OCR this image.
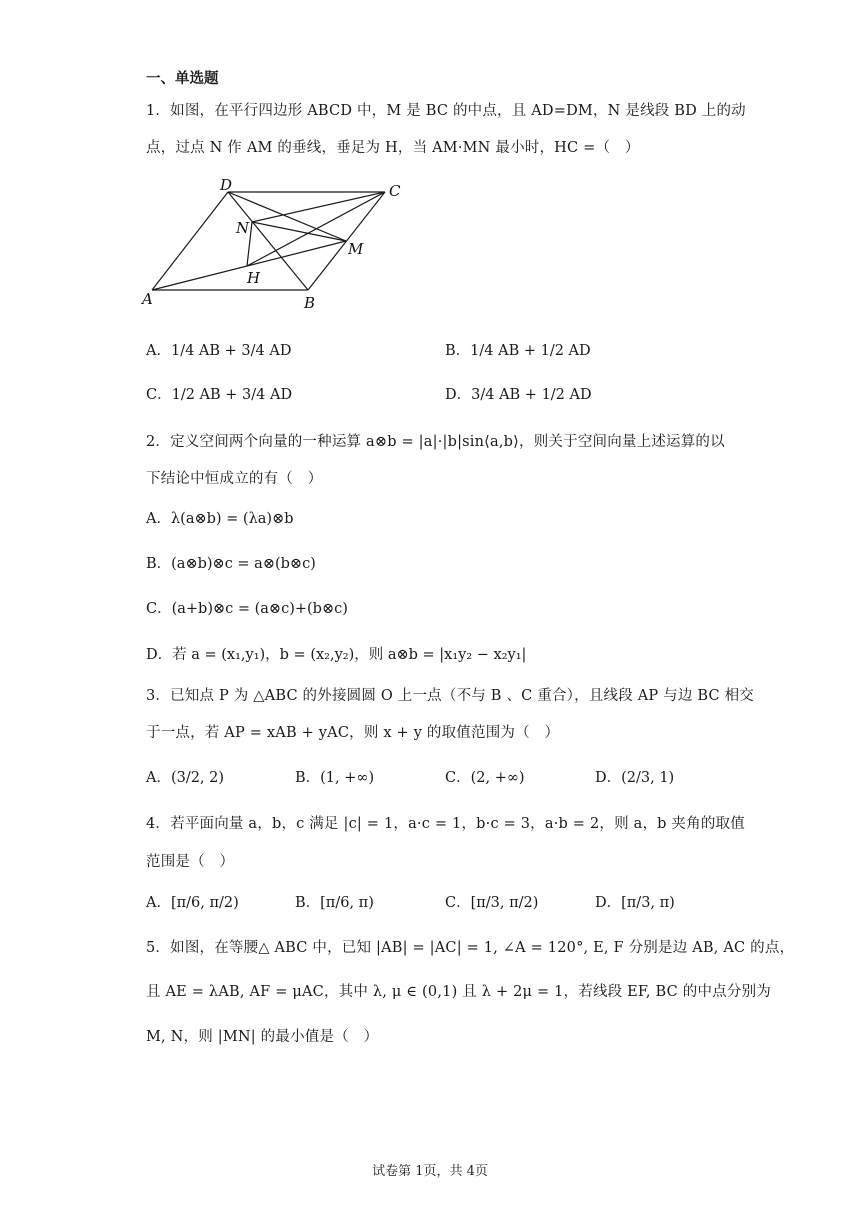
一、单选题
1．如图，在平行四边形 ABCD 中，M 是 BC 的中点，且 AD=DM，N 是线段 BD 上的动
点，过点 N 作 AM 的垂线，垂足为 H，当 AM·MN 最小时，HC =（　）
A	B
C
D
M
N
H
A．1/4 AB + 3/4 AD	B．1/4 AB + 1/2 AD
C．1/2 AB + 3/4 AD	D．3/4 AB + 1/2 AD
2．定义空间两个向量的一种运算 a⊗b = |a|·|b|sin⟨a,b⟩，则关于空间向量上述运算的以
下结论中恒成立的有（　）
A．λ(a⊗b) = (λa)⊗b
B．(a⊗b)⊗c = a⊗(b⊗c)
C．(a+b)⊗c = (a⊗c)+(b⊗c)
D．若 a = (x₁,y₁)，b = (x₂,y₂)，则 a⊗b = |x₁y₂ − x₂y₁|
3．已知点 P 为 △ABC 的外接圆圆 O 上一点（不与 B 、C 重合），且线段 AP 与边 BC 相交
于一点，若 AP = xAB + yAC，则 x + y 的取值范围为（　）
A．(3/2, 2)	B．(1, +∞)	C．(2, +∞)	D．(2/3, 1)
4．若平面向量 a，b，c 满足 |c| = 1，a·c = 1，b·c = 3，a·b = 2，则 a，b 夹角的取值
范围是（　）
A．[π/6, π/2)	B．[π/6, π)	C．[π/3, π/2)	D．[π/3, π)
5．如图，在等腰△ ABC 中，已知 |AB| = |AC| = 1, ∠A = 120°, E, F 分别是边 AB, AC 的点，
且 AE = λAB, AF = μAC，其中 λ, μ ∈ (0,1) 且 λ + 2μ = 1，若线段 EF, BC 的中点分别为
M, N，则 |MN| 的最小值是（　）
试卷第 1页，共 4页
